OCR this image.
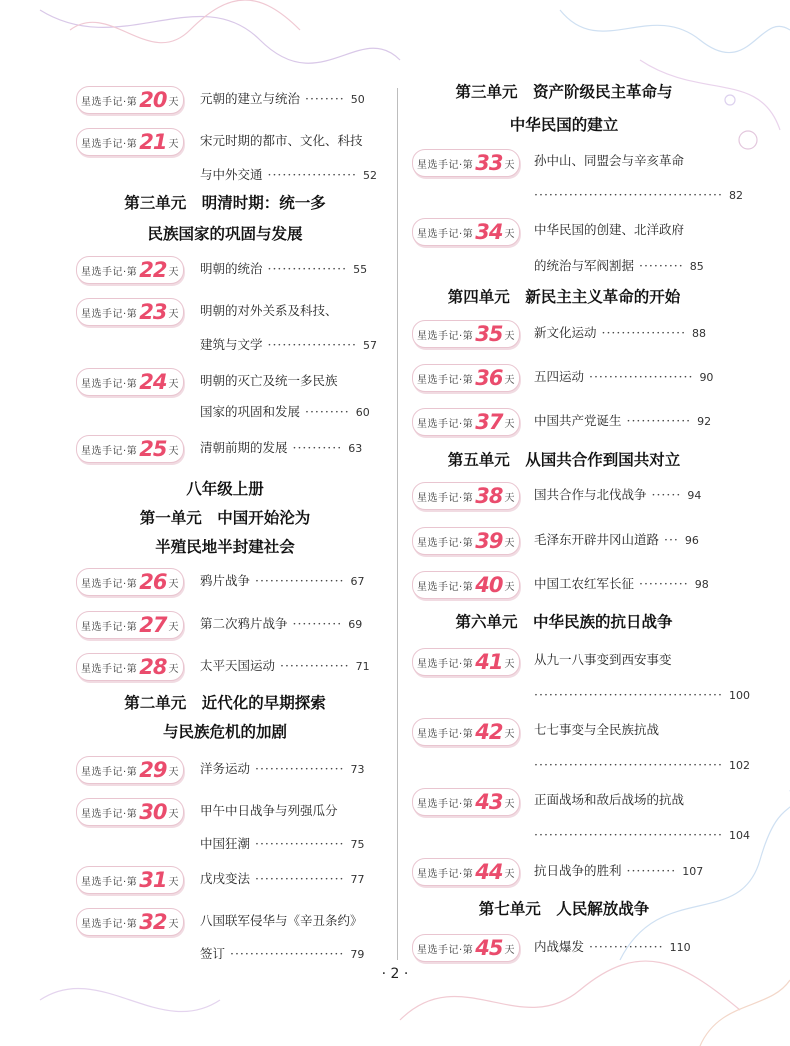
星选手记·第 20 天 元朝的建立与统治 ········ 50
星选手记·第 21 天 宋元时期的都市、文化、科技
与中外交通 ·················· 52
第三单元　明清时期：统一多
民族国家的巩固与发展
星选手记·第 22 天 明朝的统治 ················ 55
星选手记·第 23 天 明朝的对外关系及科技、
建筑与文学 ·················· 57
星选手记·第 24 天 明朝的灭亡及统一多民族
国家的巩固和发展 ········· 60
星选手记·第 25 天 清朝前期的发展 ·········· 63
八年级上册
第一单元　中国开始沦为
半殖民地半封建社会
星选手记·第 26 天 鸦片战争 ·················· 67
星选手记·第 27 天 第二次鸦片战争 ·········· 69
星选手记·第 28 天 太平天国运动 ·············· 71
第二单元　近代化的早期探索
与民族危机的加剧
星选手记·第 29 天 洋务运动 ·················· 73
星选手记·第 30 天 甲午中日战争与列强瓜分
中国狂潮 ·················· 75
星选手记·第 31 天 戊戌变法 ·················· 77
星选手记·第 32 天 八国联军侵华与《辛丑条约》
签订 ······················· 79
第三单元　资产阶级民主革命与
中华民国的建立
星选手记·第 33 天 孙中山、同盟会与辛亥革命
······································ 82
星选手记·第 34 天 中华民国的创建、北洋政府
的统治与军阀割据 ········· 85
第四单元　新民主主义革命的开始
星选手记·第 35 天 新文化运动 ················· 88
星选手记·第 36 天 五四运动 ····················· 90
星选手记·第 37 天 中国共产党诞生 ············· 92
第五单元　从国共合作到国共对立
星选手记·第 38 天 国共合作与北伐战争 ······ 94
星选手记·第 39 天 毛泽东开辟井冈山道路 ··· 96
星选手记·第 40 天 中国工农红军长征 ·········· 98
第六单元　中华民族的抗日战争
星选手记·第 41 天 从九一八事变到西安事变
······································ 100
星选手记·第 42 天 七七事变与全民族抗战
······································ 102
星选手记·第 43 天 正面战场和敌后战场的抗战
······································ 104
星选手记·第 44 天 抗日战争的胜利 ·········· 107
第七单元　人民解放战争
星选手记·第 45 天 内战爆发 ··············· 110
· 2 ·
